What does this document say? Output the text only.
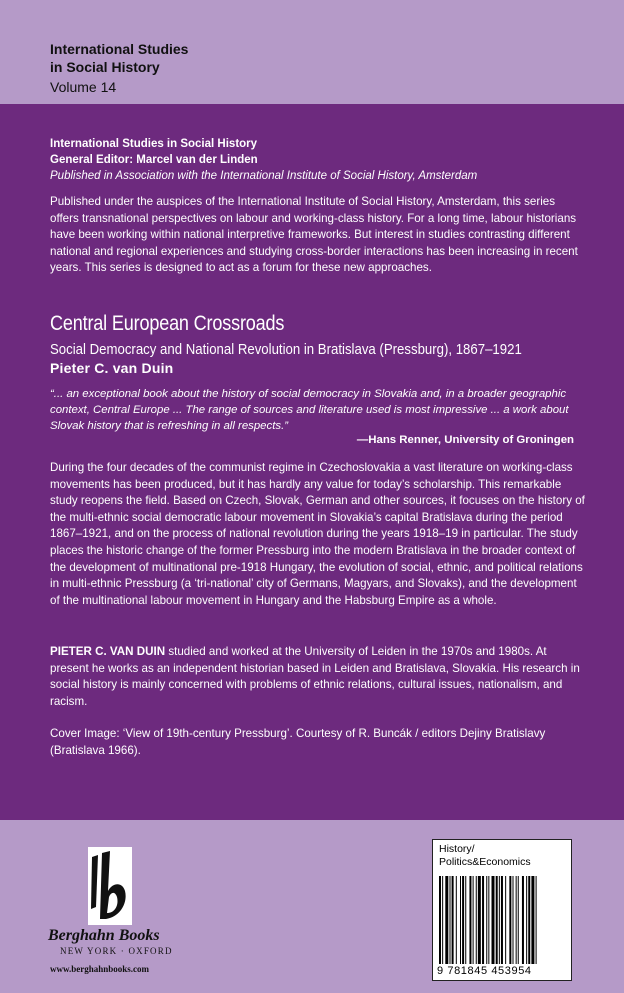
International Studies
in Social History
Volume 14
International Studies in Social History
General Editor: Marcel van der Linden
Published in Association with the International Institute of Social History, Amsterdam
Published under the auspices of the International Institute of Social History, Amsterdam, this series offers transnational perspectives on labour and working-class history. For a long time, labour historians have been working within national interpretive frameworks. But interest in studies contrasting different national and regional experiences and studying cross-border interactions has been increasing in recent years. This series is designed to act as a forum for these new approaches.
Central European Crossroads
Social Democracy and National Revolution in Bratislava (Pressburg), 1867–1921
Pieter C. van Duin
“... an exceptional book about the history of social democracy in Slovakia and, in a broader geographic context, Central Europe ... The range of sources and literature used is most impressive ... a work about Slovak history that is refreshing in all respects.”
—Hans Renner, University of Groningen
During the four decades of the communist regime in Czechoslovakia a vast literature on working-class movements has been produced, but it has hardly any value for today’s scholarship. This remarkable study reopens the field. Based on Czech, Slovak, German and other sources, it focuses on the history of the multi-ethnic social democratic labour movement in Slovakia’s capital Bratislava during the period 1867–1921, and on the process of national revolution during the years 1918–19 in particular. The study places the historic change of the former Pressburg into the modern Bratislava in the broader context of the development of multinational pre-1918 Hungary, the evolution of social, ethnic, and political relations in multi-ethnic Pressburg (a ‘tri-national’ city of Germans, Magyars, and Slovaks), and the development of the multinational labour movement in Hungary and the Habsburg Empire as a whole.
PIETER C. VAN DUIN studied and worked at the University of Leiden in the 1970s and 1980s. At present he works as an independent historian based in Leiden and Bratislava, Slovakia. His research in social history is mainly concerned with problems of ethnic relations, cultural issues, nationalism, and racism.
Cover Image: ‘View of 19th-century Pressburg’. Courtesy of R. Buncák / editors Dejiny Bratislavy (Bratislava 1966).
Berghahn Books
NEW YORK · OXFORD
www.berghahnbooks.com
History/
Politics&Economics
9 781845 453954
